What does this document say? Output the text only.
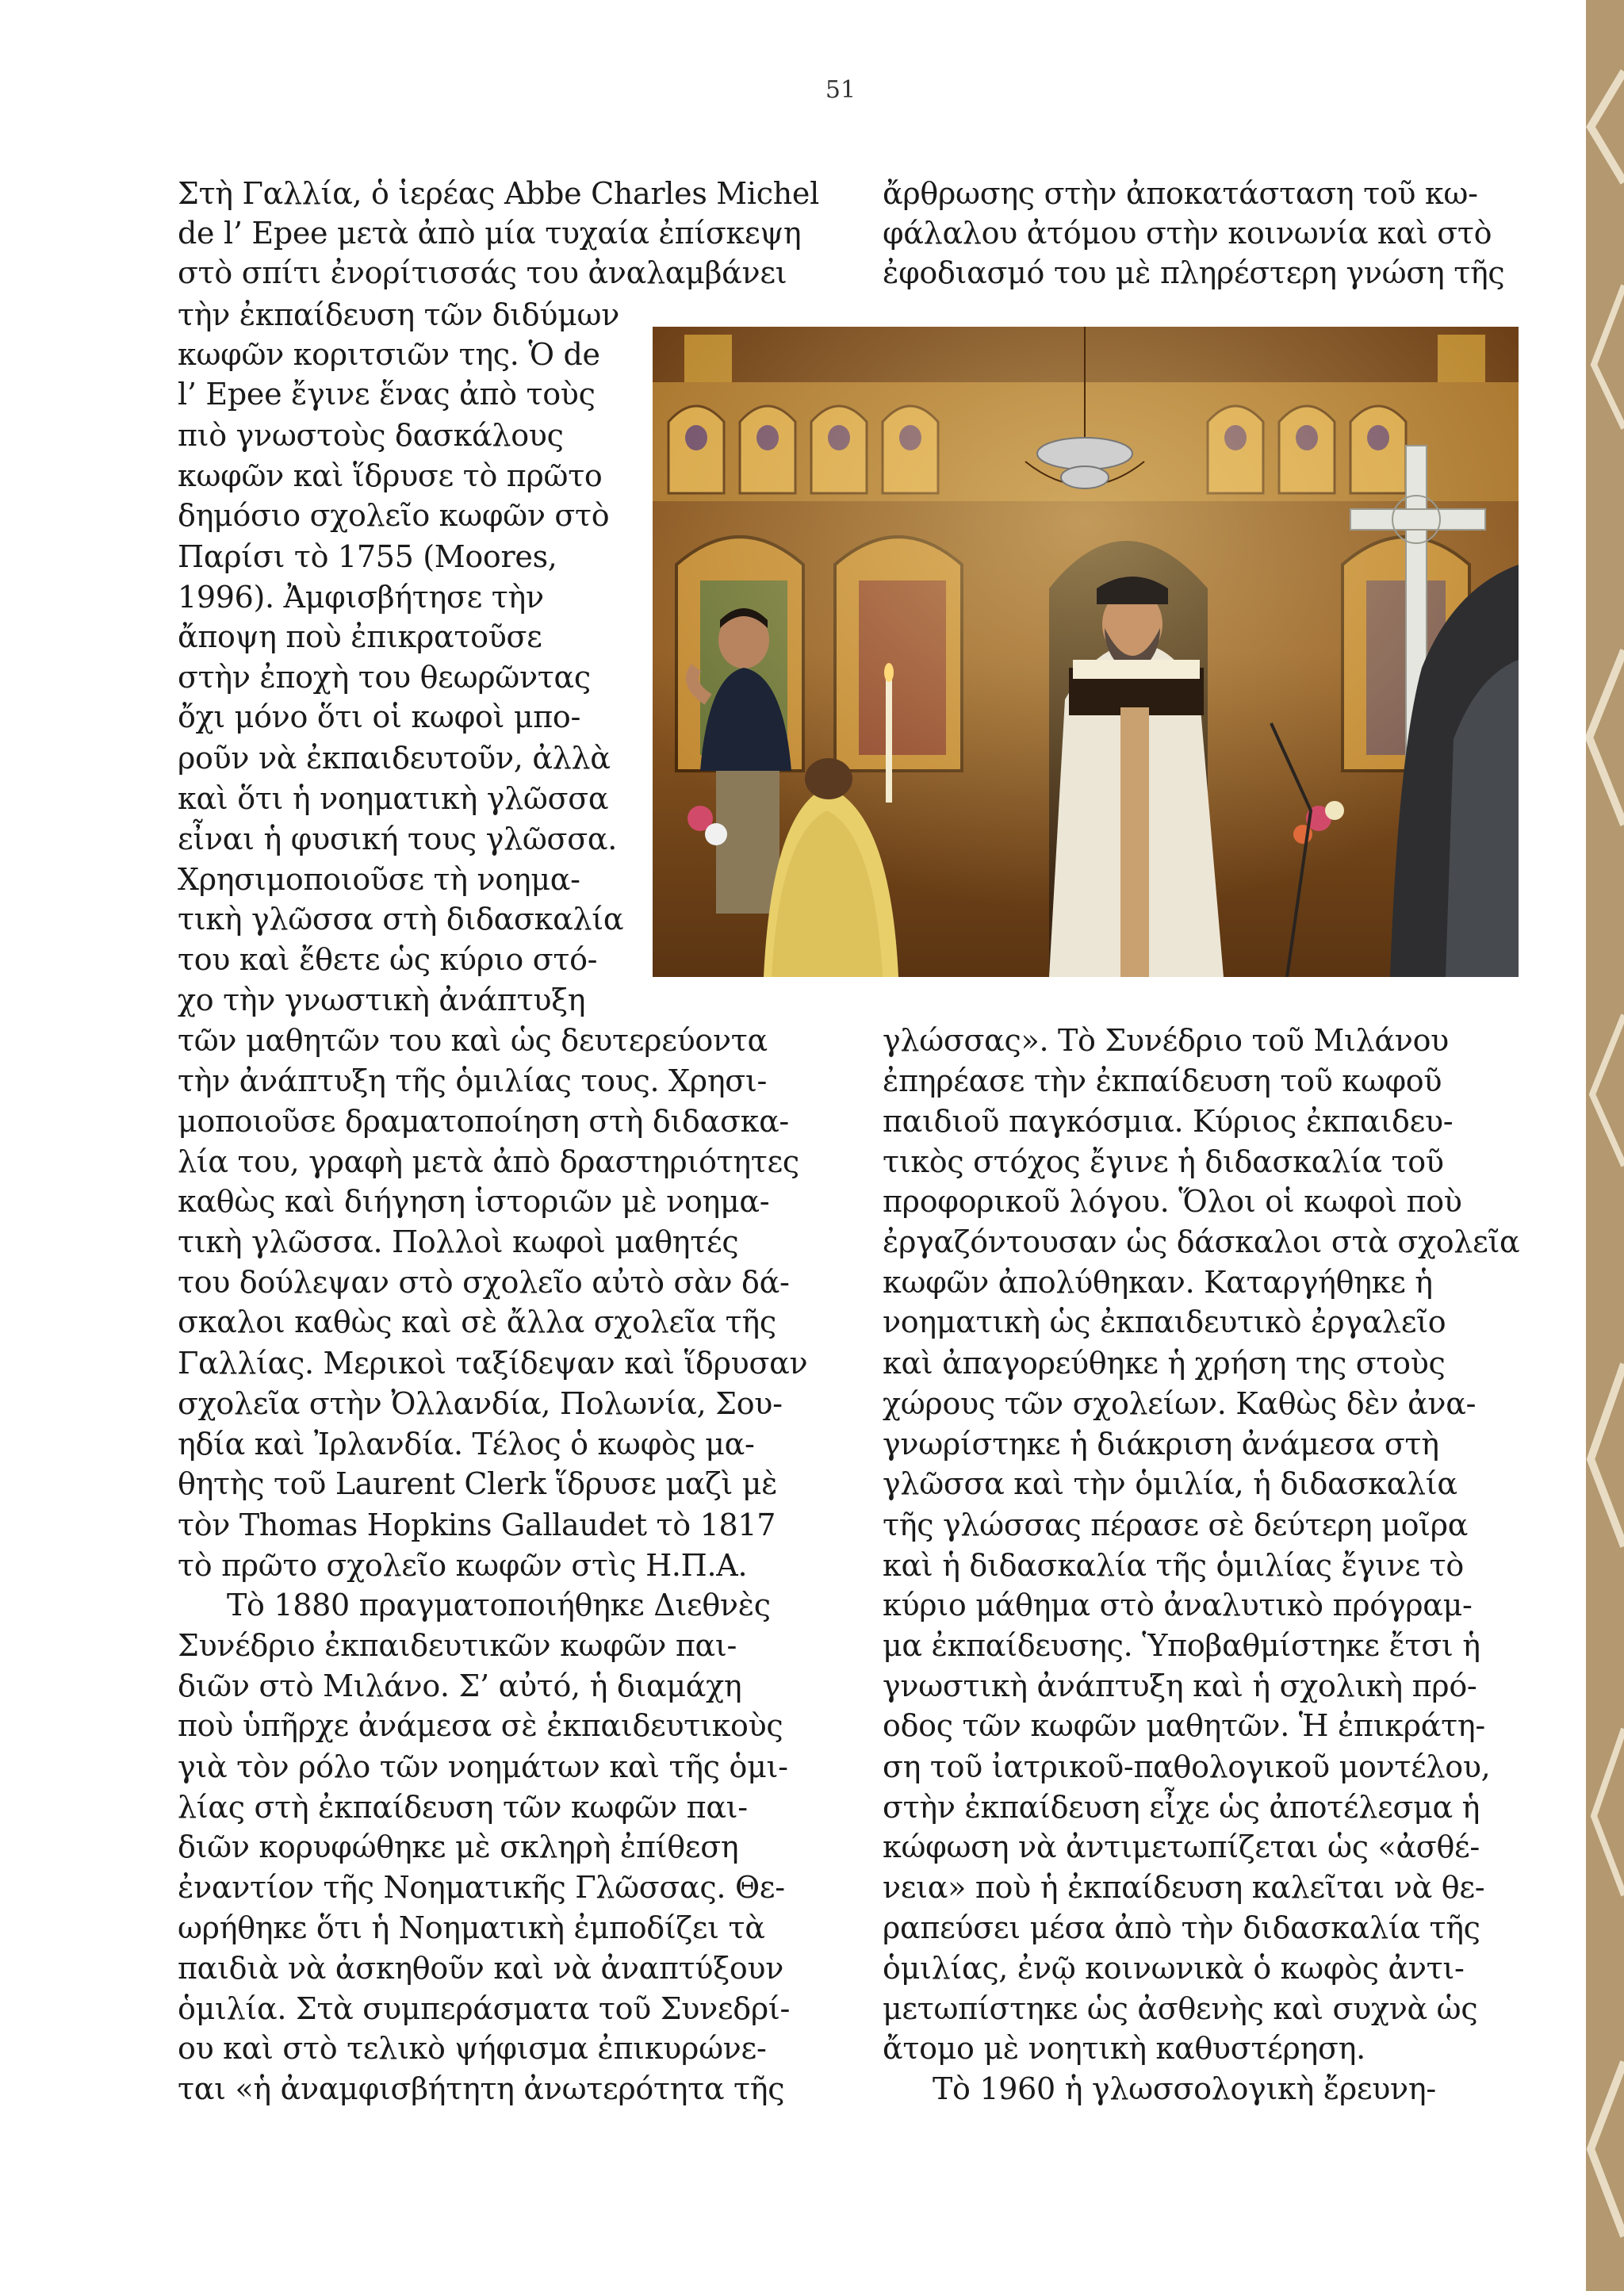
51

Στὴ Γαλλία, ὁ ἱερέας Abbe Charles Michel

de l’ Epee μετὰ ἀπὸ μία τυχαία ἐπίσκεψη

στὸ σπίτι ἐνορίτισσάς του ἀναλαμβάνει

τὴν ἐκπαίδευση τῶν διδύμων

κωφῶν κοριτσιῶν της. Ὁ de

l’ Epee ἔγινε ἕνας ἀπὸ τοὺς

πιὸ γνωστοὺς δασκάλους

κωφῶν καὶ ἵδρυσε τὸ πρῶτο

δημόσιο σχολεῖο κωφῶν στὸ

Παρίσι τὸ 1755 (Moores,

1996). Ἀμφισβήτησε τὴν

ἄποψη ποὺ ἐπικρατοῦσε

στὴν ἐποχὴ του θεωρῶντας

ὄχι μόνο ὅτι οἱ κωφοὶ μπο-

ροῦν νὰ ἐκπαιδευτοῦν, ἀλλὰ

καὶ ὅτι ἡ νοηματικὴ γλῶσσα

εἶναι ἡ φυσική τους γλῶσσα.

Χρησιμοποιοῦσε τὴ νοημα-

τικὴ γλῶσσα στὴ διδασκαλία

του καὶ ἔθετε ὡς κύριο στό-

χο τὴν γνωστικὴ ἀνάπτυξη

τῶν μαθητῶν του καὶ ὡς δευτερεύοντα

τὴν ἀνάπτυξη τῆς ὁμιλίας τους. Χρησι-

μοποιοῦσε δραματοποίηση στὴ διδασκα-

λία του, γραφὴ μετὰ ἀπὸ δραστηριότητες

καθὼς καὶ διήγηση ἱστοριῶν μὲ νοημα-

τικὴ γλῶσσα. Πολλοὶ κωφοὶ μαθητές

του δούλεψαν στὸ σχολεῖο αὐτὸ σὰν δά-

σκαλοι καθὼς καὶ σὲ ἄλλα σχολεῖα τῆς

Γαλλίας. Μερικοὶ ταξίδεψαν καὶ ἵδρυσαν

σχολεῖα στὴν Ὀλλανδία, Πολωνία, Σου-

ηδία καὶ Ἰρλανδία. Τέλος ὁ κωφὸς μα-

θητὴς τοῦ Laurent Clerk ἵδρυσε μαζὶ μὲ

τὸν Thomas Hopkins Gallaudet τὸ 1817

τὸ πρῶτο σχολεῖο κωφῶν στὶς Η.Π.Α.

Τὸ 1880 πραγματοποιήθηκε Διεθνὲς

Συνέδριο ἐκπαιδευτικῶν κωφῶν παι-

διῶν στὸ Μιλάνο. Σ’ αὐτό, ἡ διαμάχη

ποὺ ὑπῆρχε ἀνάμεσα σὲ ἐκπαιδευτικοὺς

γιὰ τὸν ρόλο τῶν νοημάτων καὶ τῆς ὁμι-

λίας στὴ ἐκπαίδευση τῶν κωφῶν παι-

διῶν κορυφώθηκε μὲ σκληρὴ ἐπίθεση

ἐναντίον τῆς Νοηματικῆς Γλῶσσας. Θε-

ωρήθηκε ὅτι ἡ Νοηματικὴ ἐμποδίζει τὰ

παιδιὰ νὰ ἀσκηθοῦν καὶ νὰ ἀναπτύξουν

ὁμιλία. Στὰ συμπεράσματα τοῦ Συνεδρί-

ου καὶ στὸ τελικὸ ψήφισμα ἐπικυρώνε-

ται «ἡ ἀναμφισβήτητη ἀνωτερότητα τῆς

ἄρθρωσης στὴν ἀποκατάσταση τοῦ κω-

φάλαλου ἀτόμου στὴν κοινωνία καὶ στὸ

ἐφοδιασμό του μὲ πληρέστερη γνώση τῆς

γλώσσας». Τὸ Συνέδριο τοῦ Μιλάνου

ἐπηρέασε τὴν ἐκπαίδευση τοῦ κωφοῦ

παιδιοῦ παγκόσμια. Κύριος ἐκπαιδευ-

τικὸς στόχος ἔγινε ἡ διδασκαλία τοῦ

προφορικοῦ λόγου. Ὅλοι οἱ κωφοὶ ποὺ

ἐργαζόντουσαν ὡς δάσκαλοι στὰ σχολεῖα

κωφῶν ἀπολύθηκαν. Καταργήθηκε ἡ

νοηματικὴ ὡς ἐκπαιδευτικὸ ἐργαλεῖο

καὶ ἀπαγορεύθηκε ἡ χρήση της στοὺς

χώρους τῶν σχολείων. Καθὼς δὲν ἀνα-

γνωρίστηκε ἡ διάκριση ἀνάμεσα στὴ

γλῶσσα καὶ τὴν ὁμιλία, ἡ διδασκαλία

τῆς γλώσσας πέρασε σὲ δεύτερη μοῖρα

καὶ ἡ διδασκαλία τῆς ὁμιλίας ἔγινε τὸ

κύριο μάθημα στὸ ἀναλυτικὸ πρόγραμ-

μα ἐκπαίδευσης. Ὑποβαθμίστηκε ἔτσι ἡ

γνωστικὴ ἀνάπτυξη καὶ ἡ σχολικὴ πρό-

οδος τῶν κωφῶν μαθητῶν. Ἡ ἐπικράτη-

ση τοῦ ἰατρικοῦ-παθολογικοῦ μοντέλου,

στὴν ἐκπαίδευση εἶχε ὡς ἀποτέλεσμα ἡ

κώφωση νὰ ἀντιμετωπίζεται ὡς «ἀσθέ-

νεια» ποὺ ἡ ἐκπαίδευση καλεῖται νὰ θε-

ραπεύσει μέσα ἀπὸ τὴν διδασκαλία τῆς

ὁμιλίας, ἐνῷ κοινωνικὰ ὁ κωφὸς ἀντι-

μετωπίστηκε ὡς ἀσθενὴς καὶ συχνὰ ὡς

ἄτομο μὲ νοητικὴ καθυστέρηση.

Τὸ 1960 ἡ γλωσσολογικὴ ἔρευνη-
